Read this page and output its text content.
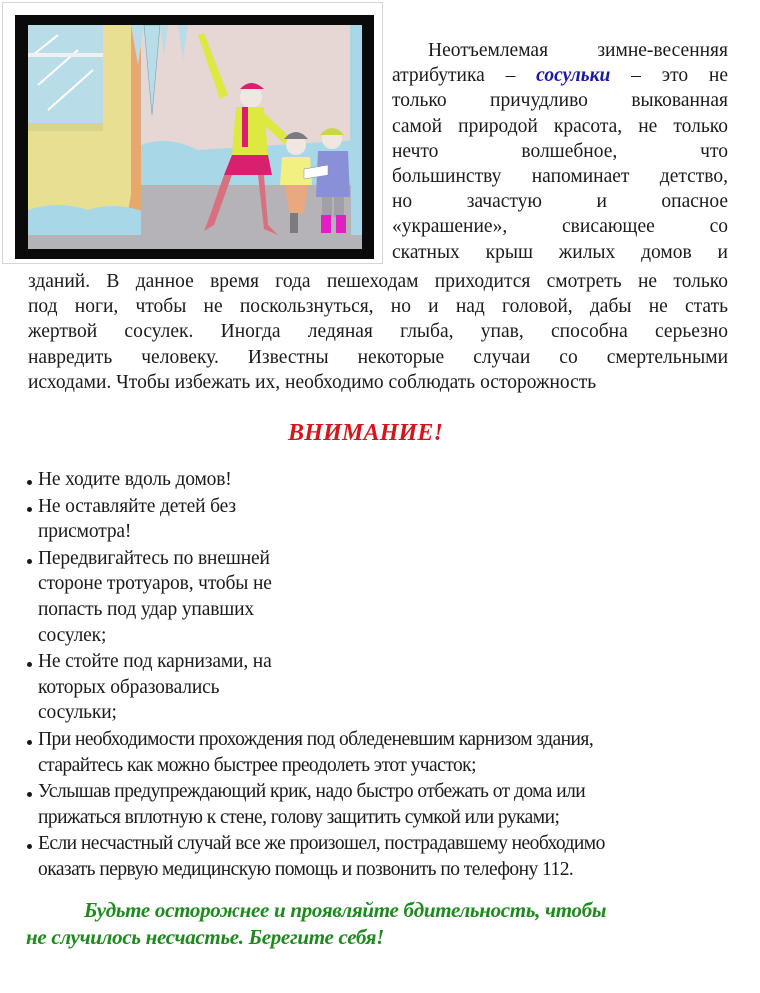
Неотъемлемая зимне-весенняя
атрибутика – сосульки – это не
только причудливо выкованная
самой природой красота, не только
нечто волшебное, что
большинству напоминает детство,
но зачастую и опасное
«украшение», свисающее со
скатных крыш жилых домов и
зданий. В данное время года пешеходам приходится смотреть не только
под ноги, чтобы не поскользнуться, но и над головой, дабы не стать
жертвой сосулек. Иногда ледяная глыба, упав, способна серьезно
навредить человеку. Известны некоторые случаи со смертельными
исходами. Чтобы избежать их, необходимо соблюдать осторожность
ВНИМАНИЕ!
Не ходите вдоль домов!
Не оставляйте детей без
присмотра!
Передвигайтесь по внешней
стороне тротуаров, чтобы не
попасть под удар упавших
сосулек;
Не стойте под карнизами, на
которых образовались
сосульки;
При необходимости прохождения под обледеневшим карнизом здания,
старайтесь как можно быстрее преодолеть этот участок;
Услышав предупреждающий крик, надо быстро отбежать от дома или
прижаться вплотную к стене, голову защитить сумкой или руками;
Если несчастный случай все же произошел, пострадавшему необходимо
оказать первую медицинскую помощь и позвонить по телефону 112.
Будьте осторожнее и проявляйте бдительность, чтобы
не случилось несчастье. Берегите себя!
